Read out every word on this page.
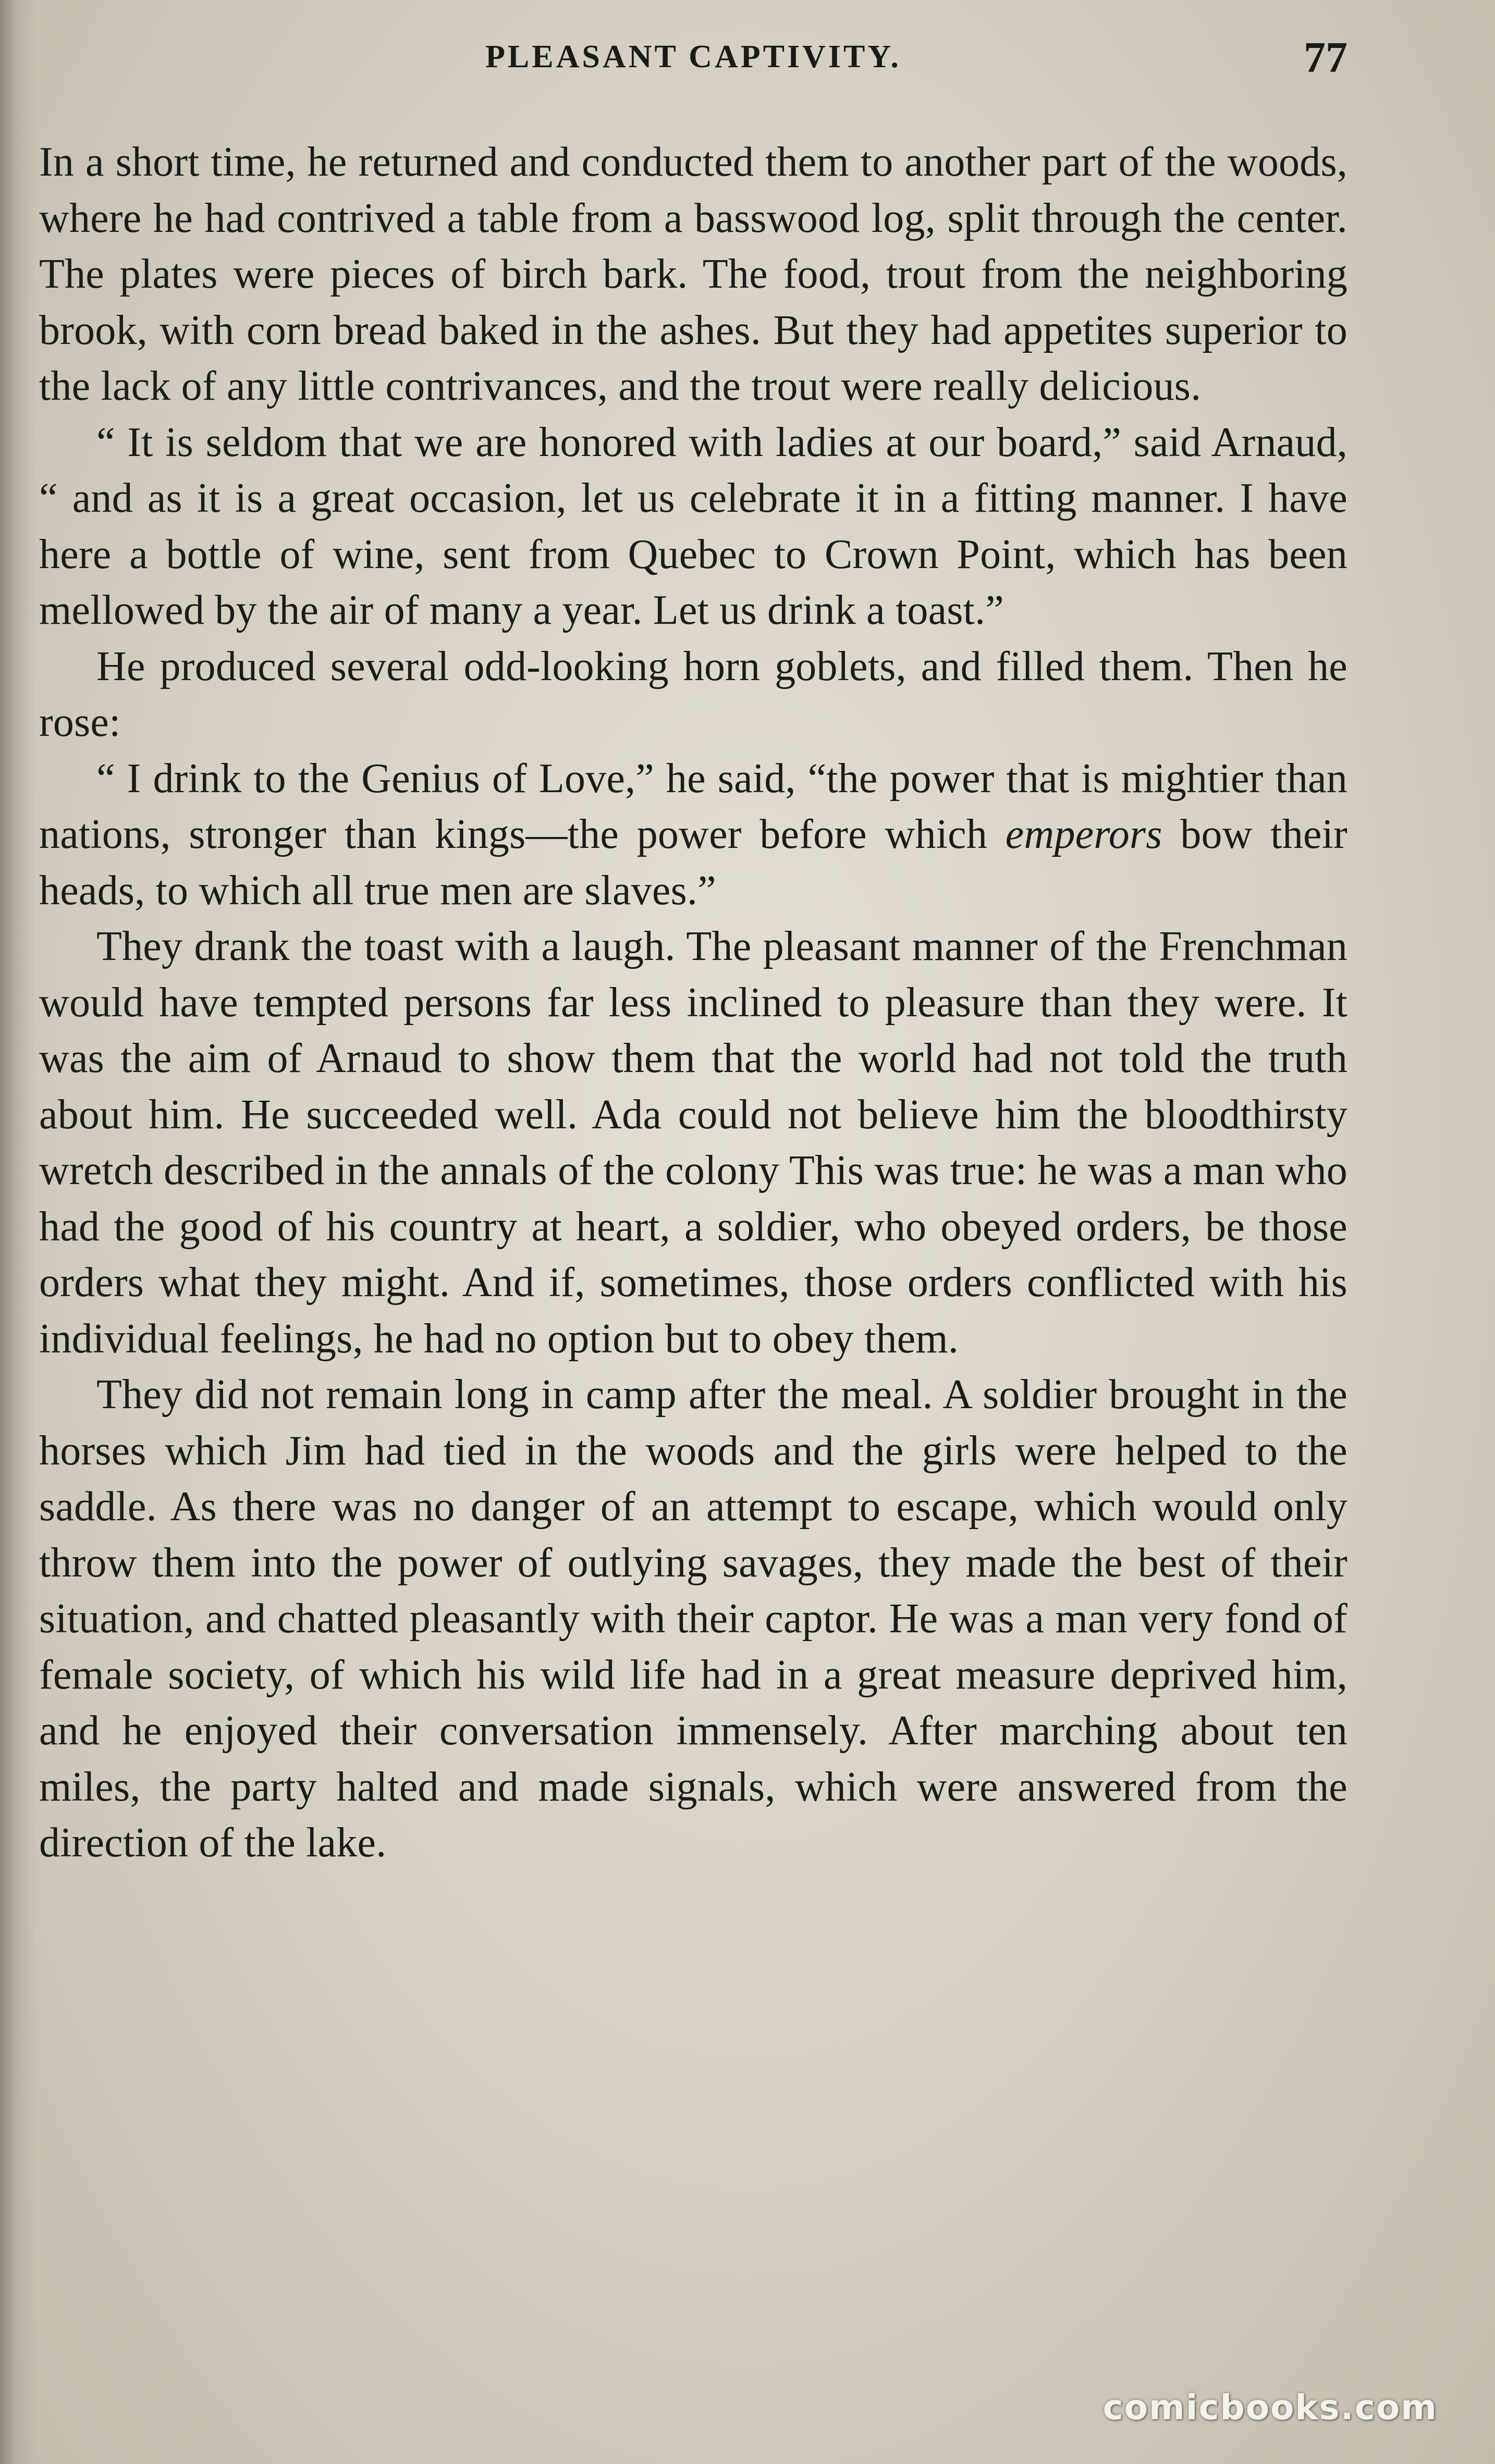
PLEASANT CAPTIVITY.	77

In a short time, he returned and conducted them to another part of the woods, where he had contrived a table from a basswood log, split through the center. The plates were pieces of birch bark. The food, trout from the neighboring brook, with corn bread baked in the ashes. But they had appetites superior to the lack of any little contrivances, and the trout were really delicious.

“ It is seldom that we are honored with ladies at our board,” said Arnaud, “ and as it is a great occasion, let us celebrate it in a fitting manner. I have here a bottle of wine, sent from Quebec to Crown Point, which has been mellowed by the air of many a year. Let us drink a toast.”

He produced several odd-looking horn goblets, and filled them. Then he rose:

“ I drink to the Genius of Love,” he said, “the power that is mightier than nations, stronger than kings—the power before which emperors bow their heads, to which all true men are slaves.”

They drank the toast with a laugh. The pleasant manner of the Frenchman would have tempted persons far less inclined to pleasure than they were. It was the aim of Arnaud to show them that the world had not told the truth about him. He succeeded well. Ada could not believe him the bloodthirsty wretch described in the annals of the colony This was true: he was a man who had the good of his country at heart, a soldier, who obeyed orders, be those orders what they might. And if, sometimes, those orders conflicted with his individual feelings, he had no option but to obey them.

They did not remain long in camp after the meal. A soldier brought in the horses which Jim had tied in the woods and the girls were helped to the saddle. As there was no danger of an attempt to escape, which would only throw them into the power of outlying savages, they made the best of their situation, and chatted pleasantly with their captor. He was a man very fond of female society, of which his wild life had in a great measure deprived him, and he enjoyed their conversation immensely. After marching about ten miles, the party halted and made signals, which were answered from the direction of the lake.

comicbooks.com
